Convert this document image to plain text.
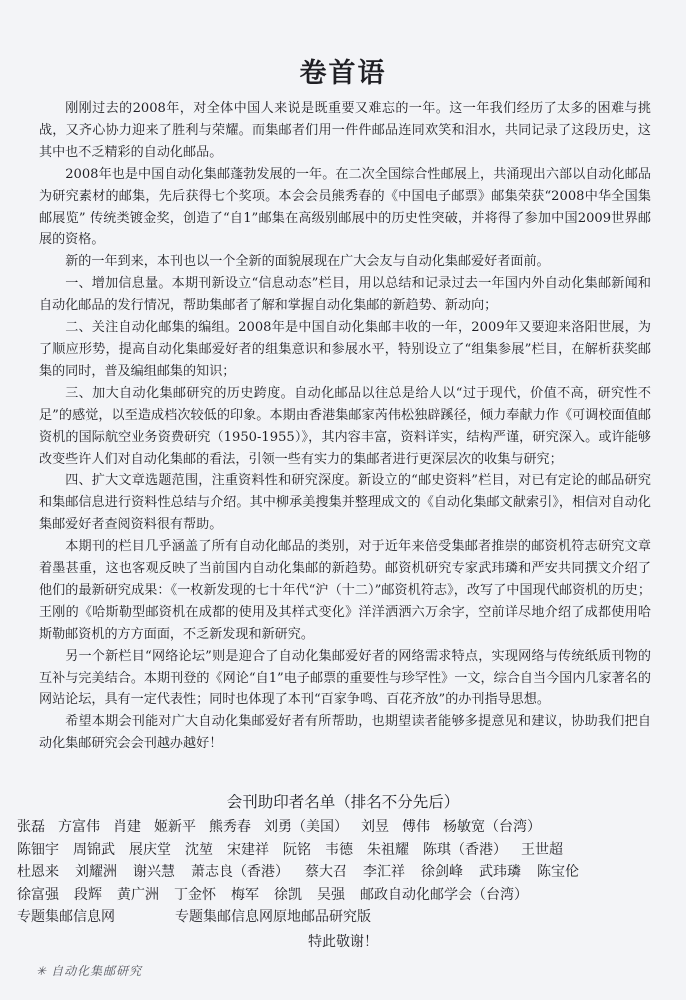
卷首语

刚刚过去的2008年，对全体中国人来说是既重要又难忘的一年。这一年我们经历了太多的困难与挑战，又齐心协力迎来了胜利与荣耀。而集邮者们用一件件邮品连同欢笑和泪水，共同记录了这段历史，这其中也不乏精彩的自动化邮品。

2008年也是中国自动化集邮蓬勃发展的一年。在二次全国综合性邮展上，共涌现出六部以自动化邮品为研究素材的邮集，先后获得七个奖项。本会会员熊秀春的《中国电子邮票》邮集荣获“2008中华全国集邮展览” 传统类镀金奖，创造了“自1”邮集在高级别邮展中的历史性突破，并将得了参加中国2009世界邮展的资格。

新的一年到来，本刊也以一个全新的面貌展现在广大会友与自动化集邮爱好者面前。

一、增加信息量。本期刊新设立“信息动态”栏目，用以总结和记录过去一年国内外自动化集邮新闻和自动化邮品的发行情况，帮助集邮者了解和掌握自动化集邮的新趋势、新动向；

二、关注自动化邮集的编组。2008年是中国自动化集邮丰收的一年，2009年又要迎来洛阳世展，为了顺应形势，提高自动化集邮爱好者的组集意识和参展水平，特别设立了“组集参展”栏目，在解析获奖邮集的同时，普及编组邮集的知识；

三、加大自动化集邮研究的历史跨度。自动化邮品以往总是给人以“过于现代，价值不高，研究性不足”的感觉，以至造成档次较低的印象。本期由香港集邮家芮伟松独辟蹊径，倾力奉献力作《可调校面值邮资机的国际航空业务资费研究（1950-1955）》，其内容丰富，资料详实，结构严谨，研究深入。或许能够改变些许人们对自动化集邮的看法，引领一些有实力的集邮者进行更深层次的收集与研究；

四、扩大文章选题范围，注重资料性和研究深度。新设立的“邮史资料”栏目，对已有定论的邮品研究和集邮信息进行资料性总结与介绍。其中柳承美搜集并整理成文的《自动化集邮文献索引》，相信对自动化集邮爱好者查阅资料很有帮助。

本期刊的栏目几乎涵盖了所有自动化邮品的类别，对于近年来倍受集邮者推崇的邮资机符志研究文章着墨甚重，这也客观反映了当前国内自动化集邮的新趋势。邮资机研究专家武玮璘和严安共同撰文介绍了他们的最新研究成果：《一枚新发现的七十年代“沪（十二）”邮资机符志》，改写了中国现代邮资机的历史；王刚的《哈斯勒型邮资机在成都的使用及其样式变化》洋洋洒洒六万余字，空前详尽地介绍了成都使用哈斯勒邮资机的方方面面，不乏新发现和新研究。

另一个新栏目“网络论坛”则是迎合了自动化集邮爱好者的网络需求特点，实现网络与传统纸质刊物的互补与完美结合。本期刊登的《网论“自1”电子邮票的重要性与珍罕性》一文，综合自当今国内几家著名的网站论坛，具有一定代表性；同时也体现了本刊“百家争鸣、百花齐放”的办刊指导思想。

希望本期会刊能对广大自动化集邮爱好者有所帮助，也期望读者能够多提意见和建议，协助我们把自动化集邮研究会会刊越办越好！

会刊助印者名单（排名不分先后）
张磊 方富伟 肖建 姬新平 熊秀春 刘勇（美国） 刘昱 傅伟 杨敏宽（台湾）
陈钿宇 周锦武 展庆堂 沈堃 宋建祥 阮铭 韦德 朱祖耀 陈琪（香港） 王世超
杜恩来 刘耀洲 谢兴慧 萧志良（香港） 蔡大召 李汇祥 徐剑峰 武玮璘 陈宝伦
徐富强 段辉 黄广洲 丁金怀 梅军 徐凯 吴强 邮政自动化邮学会（台湾）
专题集邮信息网	专题集邮信息网原地邮品研究版
特此敬谢！
✳ 自动化集邮研究
